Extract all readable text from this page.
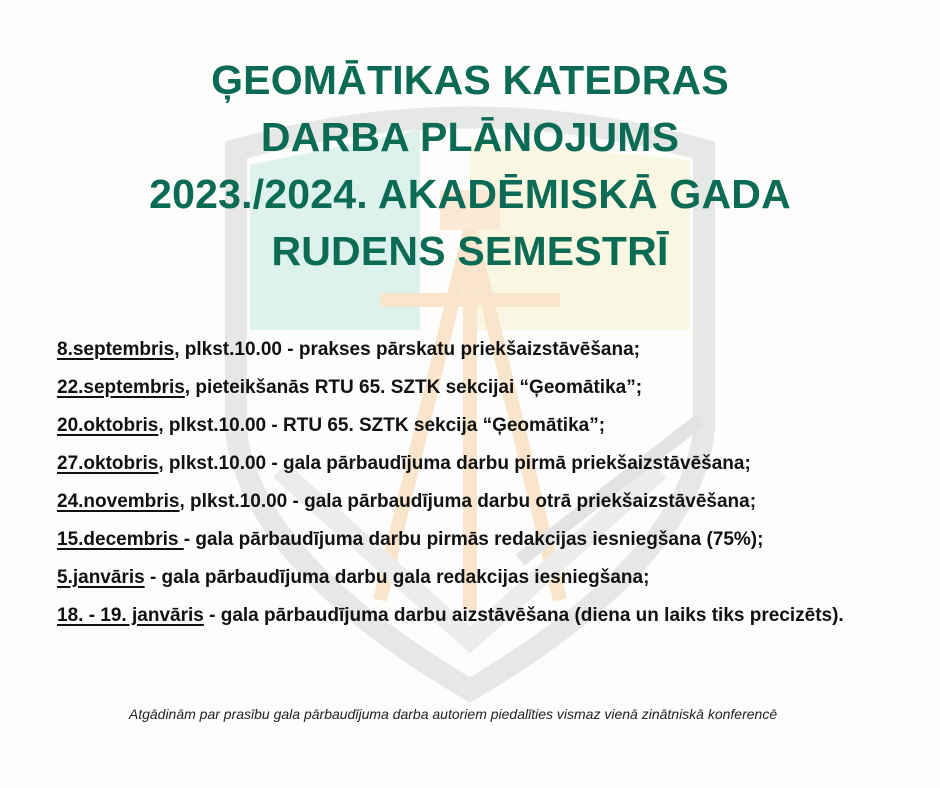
ĢEOMĀTIKAS KATEDRAS
DARBA PLĀNOJUMS
2023./2024. AKADĒMISKĀ GADA
RUDENS SEMESTRĪ
8.septembris, plkst.10.00 - prakses pārskatu priekšaizstāvēšana;
22.septembris, pieteikšanās RTU 65. SZTK sekcijai “Ģeomātika”;
20.oktobris, plkst.10.00 - RTU 65. SZTK sekcija “Ģeomātika”;
27.oktobris, plkst.10.00 - gala pārbaudījuma darbu pirmā priekšaizstāvēšana;
24.novembris, plkst.10.00 - gala pārbaudījuma darbu otrā priekšaizstāvēšana;
15.decembris - gala pārbaudījuma darbu pirmās redakcijas iesniegšana (75%);
5.janvāris - gala pārbaudījuma darbu gala redakcijas iesniegšana;
18. - 19. janvāris - gala pārbaudījuma darbu aizstāvēšana (diena un laiks tiks precizēts).
Atgādinām par prasību gala pārbaudījuma darba autoriem piedalīties vismaz vienā zinātniskā konferencē
